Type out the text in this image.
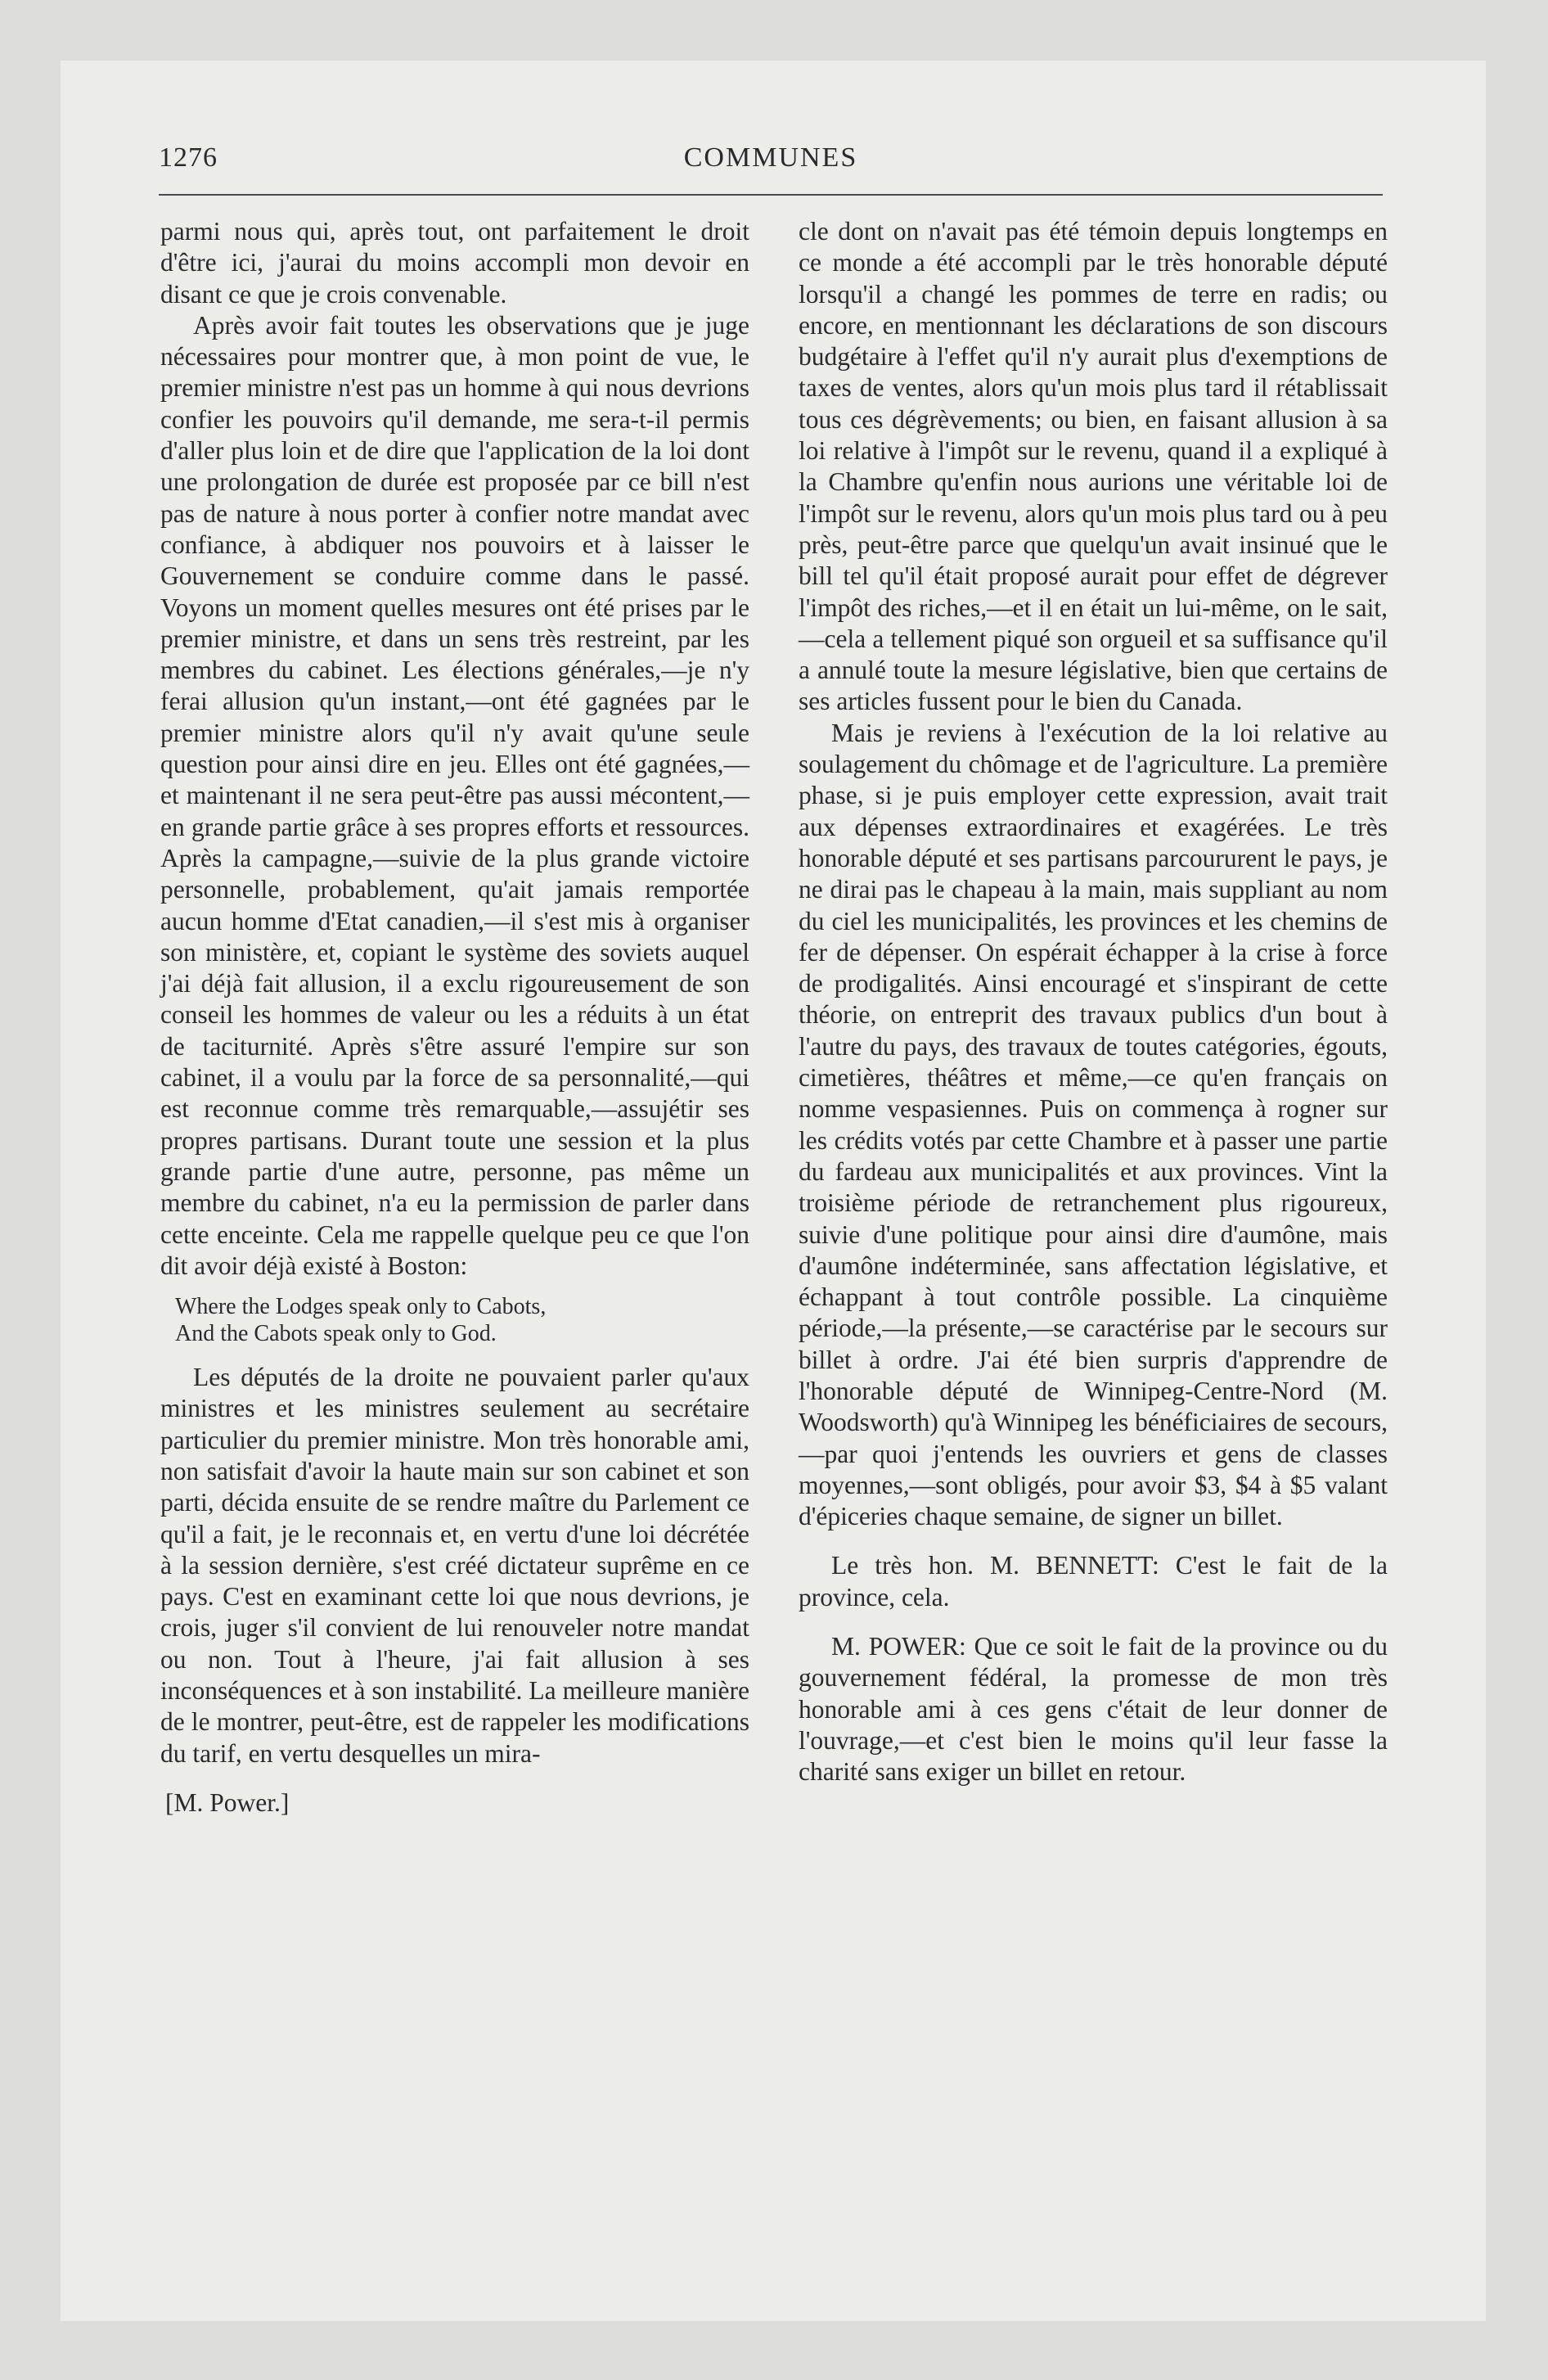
1276	COMMUNES

parmi nous qui, après tout, ont parfaitement le droit d'être ici, j'aurai du moins accompli mon devoir en disant ce que je crois convenable.

Après avoir fait toutes les observations que je juge nécessaires pour montrer que, à mon point de vue, le premier ministre n'est pas un homme à qui nous devrions confier les pouvoirs qu'il demande, me sera-t-il permis d'aller plus loin et de dire que l'application de la loi dont une prolongation de durée est proposée par ce bill n'est pas de nature à nous porter à confier notre mandat avec confiance, à abdiquer nos pouvoirs et à laisser le Gouvernement se conduire comme dans le passé. Voyons un moment quelles mesures ont été prises par le premier ministre, et dans un sens très restreint, par les membres du cabinet. Les élections générales,—je n'y ferai allusion qu'un instant,—ont été gagnées par le premier ministre alors qu'il n'y avait qu'une seule question pour ainsi dire en jeu. Elles ont été gagnées,—et maintenant il ne sera peut-être pas aussi mécontent,—en grande partie grâce à ses propres efforts et ressources. Après la campagne,—suivie de la plus grande victoire personnelle, probablement, qu'ait jamais remportée aucun homme d'Etat canadien,—il s'est mis à organiser son ministère, et, copiant le système des soviets auquel j'ai déjà fait allusion, il a exclu rigoureusement de son conseil les hommes de valeur ou les a réduits à un état de taciturnité. Après s'être assuré l'empire sur son cabinet, il a voulu par la force de sa personnalité,—qui est reconnue comme très remarquable,—assujétir ses propres partisans. Durant toute une session et la plus grande partie d'une autre, personne, pas même un membre du cabinet, n'a eu la permission de parler dans cette enceinte. Cela me rappelle quelque peu ce que l'on dit avoir déjà existé à Boston:

Where the Lodges speak only to Cabots,
And the Cabots speak only to God.

Les députés de la droite ne pouvaient parler qu'aux ministres et les ministres seulement au secrétaire particulier du premier ministre. Mon très honorable ami, non satisfait d'avoir la haute main sur son cabinet et son parti, décida ensuite de se rendre maître du Parlement ce qu'il a fait, je le reconnais et, en vertu d'une loi décrétée à la session dernière, s'est créé dictateur suprême en ce pays. C'est en examinant cette loi que nous devrions, je crois, juger s'il convient de lui renouveler notre mandat ou non. Tout à l'heure, j'ai fait allusion à ses inconséquences et à son instabilité. La meilleure manière de le montrer, peut-être, est de rappeler les modifications du tarif, en vertu desquelles un mira-

[M. Power.]

cle dont on n'avait pas été témoin depuis longtemps en ce monde a été accompli par le très honorable député lorsqu'il a changé les pommes de terre en radis; ou encore, en mentionnant les déclarations de son discours budgétaire à l'effet qu'il n'y aurait plus d'exemptions de taxes de ventes, alors qu'un mois plus tard il rétablissait tous ces dégrèvements; ou bien, en faisant allusion à sa loi relative à l'impôt sur le revenu, quand il a expliqué à la Chambre qu'enfin nous aurions une véritable loi de l'impôt sur le revenu, alors qu'un mois plus tard ou à peu près, peut-être parce que quelqu'un avait insinué que le bill tel qu'il était proposé aurait pour effet de dégrever l'impôt des riches,—et il en était un lui-même, on le sait,—cela a tellement piqué son orgueil et sa suffisance qu'il a annulé toute la mesure législative, bien que certains de ses articles fussent pour le bien du Canada.

Mais je reviens à l'exécution de la loi relative au soulagement du chômage et de l'agriculture. La première phase, si je puis employer cette expression, avait trait aux dépenses extraordinaires et exagérées. Le très honorable député et ses partisans parcoururent le pays, je ne dirai pas le chapeau à la main, mais suppliant au nom du ciel les municipalités, les provinces et les chemins de fer de dépenser. On espérait échapper à la crise à force de prodigalités. Ainsi encouragé et s'inspirant de cette théorie, on entreprit des travaux publics d'un bout à l'autre du pays, des travaux de toutes catégories, égouts, cimetières, théâtres et même,—ce qu'en français on nomme vespasiennes. Puis on commença à rogner sur les crédits votés par cette Chambre et à passer une partie du fardeau aux municipalités et aux provinces. Vint la troisième période de retranchement plus rigoureux, suivie d'une politique pour ainsi dire d'aumône, mais d'aumône indéterminée, sans affectation législative, et échappant à tout contrôle possible. La cinquième période,—la présente,—se caractérise par le secours sur billet à ordre. J'ai été bien surpris d'apprendre de l'honorable député de Winnipeg-Centre-Nord (M. Woodsworth) qu'à Winnipeg les bénéficiaires de secours,—par quoi j'entends les ouvriers et gens de classes moyennes,—sont obligés, pour avoir $3, $4 à $5 valant d'épiceries chaque semaine, de signer un billet.

Le très hon. M. BENNETT: C'est le fait de la province, cela.

M. POWER: Que ce soit le fait de la province ou du gouvernement fédéral, la promesse de mon très honorable ami à ces gens c'était de leur donner de l'ouvrage,—et c'est bien le moins qu'il leur fasse la charité sans exiger un billet en retour.
